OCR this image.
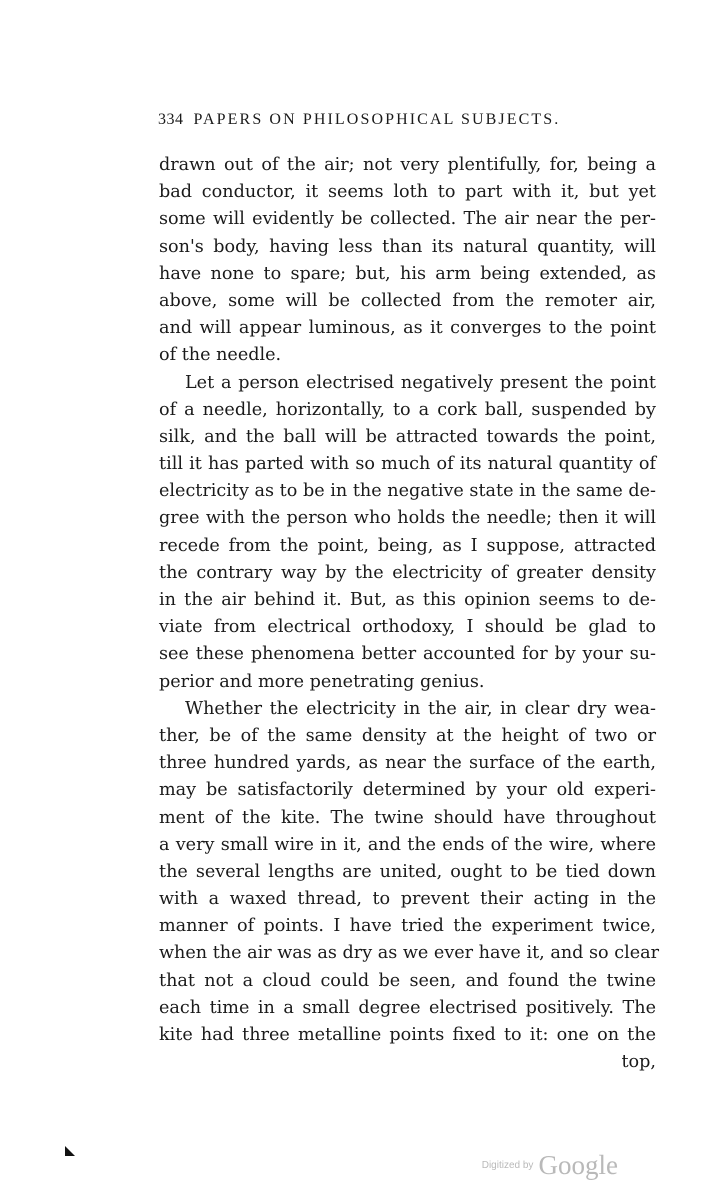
334 PAPERS ON PHILOSOPHICAL SUBJECTS.
drawn out of the air; not very plentifully, for, being a
bad conductor, it seems loth to part with it, but yet
some will evidently be collected. The air near the per-
son's body, having less than its natural quantity, will
have none to spare; but, his arm being extended, as
above, some will be collected from the remoter air,
and will appear luminous, as it converges to the point
of the needle.
Let a person electrised negatively present the point
of a needle, horizontally, to a cork ball, suspended by
silk, and the ball will be attracted towards the point,
till it has parted with so much of its natural quantity of
electricity as to be in the negative state in the same de-
gree with the person who holds the needle; then it will
recede from the point, being, as I suppose, attracted
the contrary way by the electricity of greater density
in the air behind it. But, as this opinion seems to de-
viate from electrical orthodoxy, I should be glad to
see these phenomena better accounted for by your su-
perior and more penetrating genius.
Whether the electricity in the air, in clear dry wea-
ther, be of the same density at the height of two or
three hundred yards, as near the surface of the earth,
may be satisfactorily determined by your old experi-
ment of the kite. The twine should have throughout
a very small wire in it, and the ends of the wire, where
the several lengths are united, ought to be tied down
with a waxed thread, to prevent their acting in the
manner of points. I have tried the experiment twice,
when the air was as dry as we ever have it, and so clear
that not a cloud could be seen, and found the twine
each time in a small degree electrised positively. The
kite had three metalline points fixed to it: one on the
top,
Digitized by Google
